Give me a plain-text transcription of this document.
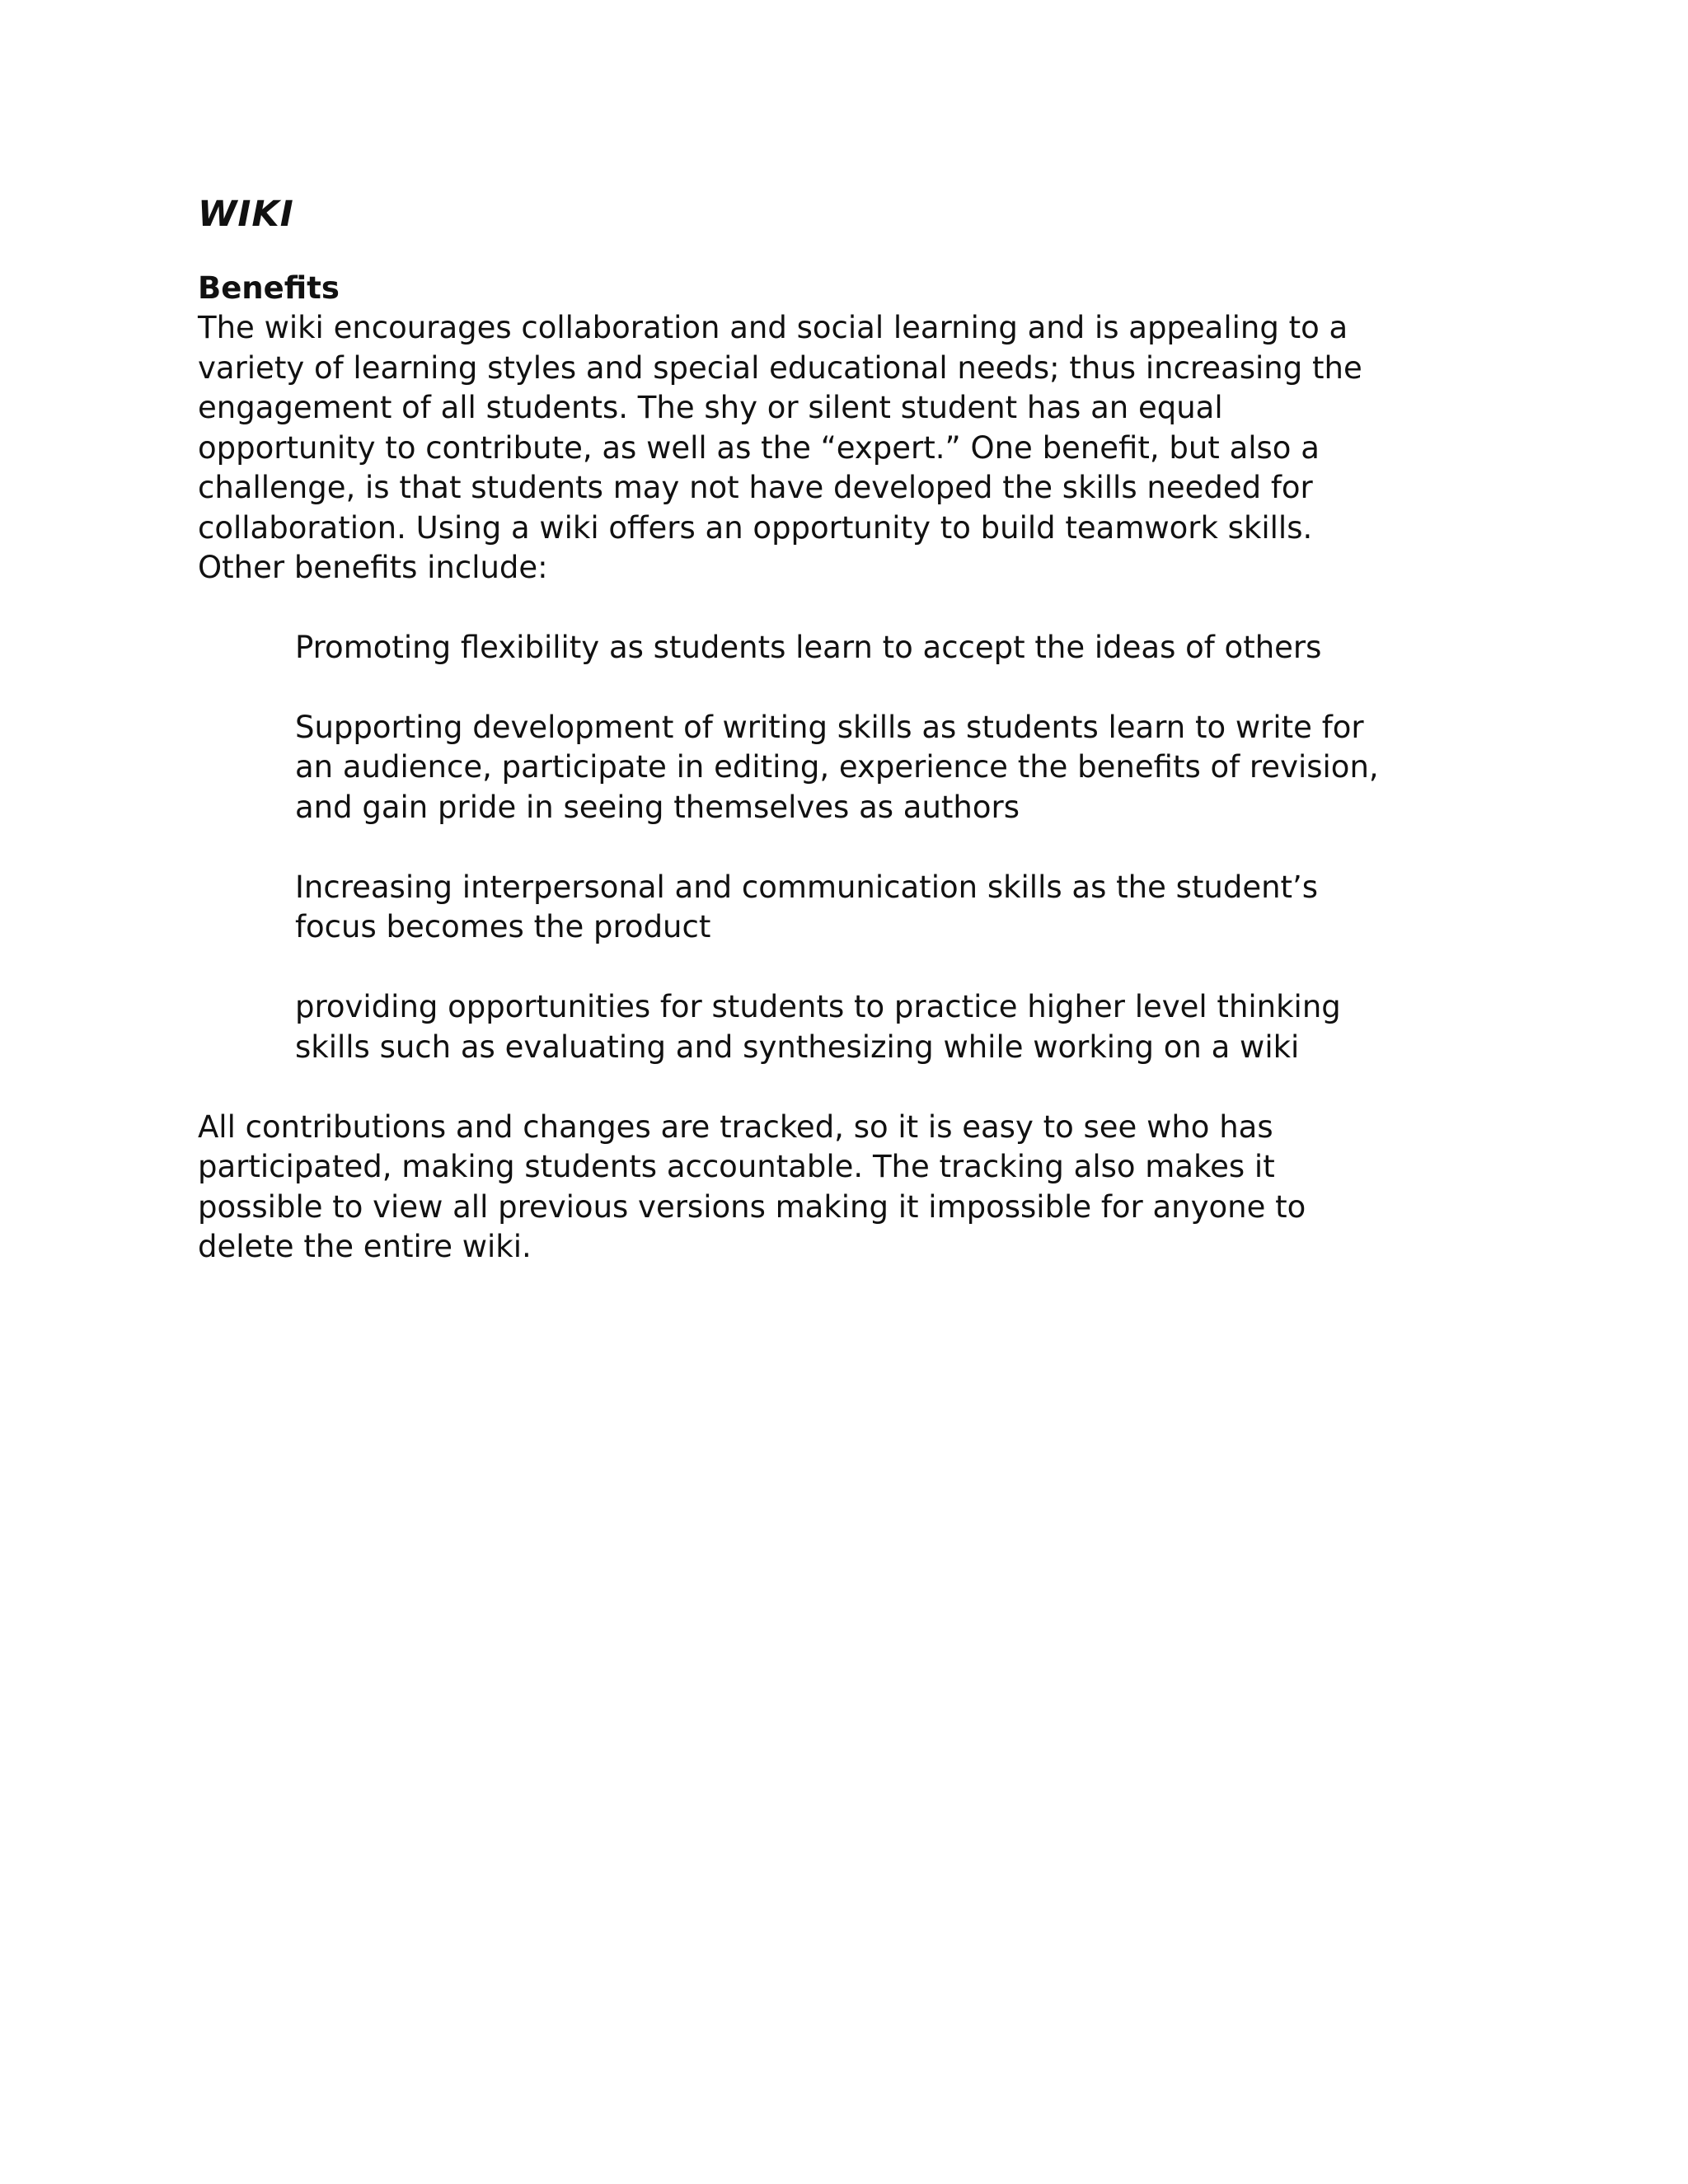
WIKI
Benefits

The wiki encourages collaboration and social learning and is appealing to a
variety of learning styles and special educational needs; thus increasing the
engagement of all students. The shy or silent student has an equal
opportunity to contribute, as well as the “expert.” One benefit, but also a
challenge, is that students may not have developed the skills needed for
collaboration. Using a wiki offers an opportunity to build teamwork skills.
Other benefits include:

Promoting flexibility as students learn to accept the ideas of others
Supporting development of writing skills as students learn to write for
an audience, participate in editing, experience the benefits of revision,
and gain pride in seeing themselves as authors
Increasing interpersonal and communication skills as the student’s
focus becomes the product
providing opportunities for students to practice higher level thinking
skills such as evaluating and synthesizing while working on a wiki

All contributions and changes are tracked, so it is easy to see who has
participated, making students accountable. The tracking also makes it
possible to view all previous versions making it impossible for anyone to
delete the entire wiki.
